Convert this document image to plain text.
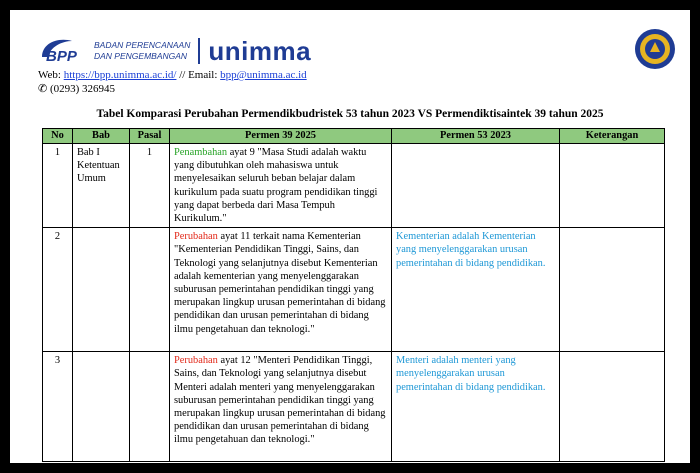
BPP
BADAN PERENCANAAN
DAN PENGEMBANGAN unimma
Web: https://bpp.unimma.ac.id/ // Email: bpp@unimma.ac.id
✆ (0293) 326945
Tabel Komparasi Perubahan Permendikbudristek 53 tahun 2023 VS Permendiktisaintek 39 tahun 2025
No	Bab	Pasal	Permen 39 2025	Permen 53 2023	Keterangan
1	Bab I Ketentuan Umum	1	Penambahan ayat 9 "Masa Studi adalah waktu yang dibutuhkan oleh mahasiswa untuk menyelesaikan seluruh beban belajar dalam kurikulum pada suatu program pendidikan tinggi yang dapat berbeda dari Masa Tempuh Kurikulum."		
2			Perubahan ayat 11 terkait nama Kementerian "Kementerian Pendidikan Tinggi, Sains, dan Teknologi yang selanjutnya disebut Kementerian adalah kementerian yang menyelenggarakan suburusan pemerintahan pendidikan tinggi yang merupakan lingkup urusan pemerintahan di bidang pendidikan dan urusan pemerintahan di bidang ilmu pengetahuan dan teknologi."	Kementerian adalah Kementerian yang menyelenggarakan urusan pemerintahan di bidang pendidikan.	
3			Perubahan ayat 12 "Menteri Pendidikan Tinggi, Sains, dan Teknologi yang selanjutnya disebut Menteri adalah menteri yang menyelenggarakan suburusan pemerintahan pendidikan tinggi yang merupakan lingkup urusan pemerintahan di bidang pendidikan dan urusan pemerintahan di bidang ilmu pengetahuan dan teknologi."	Menteri adalah menteri yang menyelenggarakan urusan pemerintahan di bidang pendidikan.	
